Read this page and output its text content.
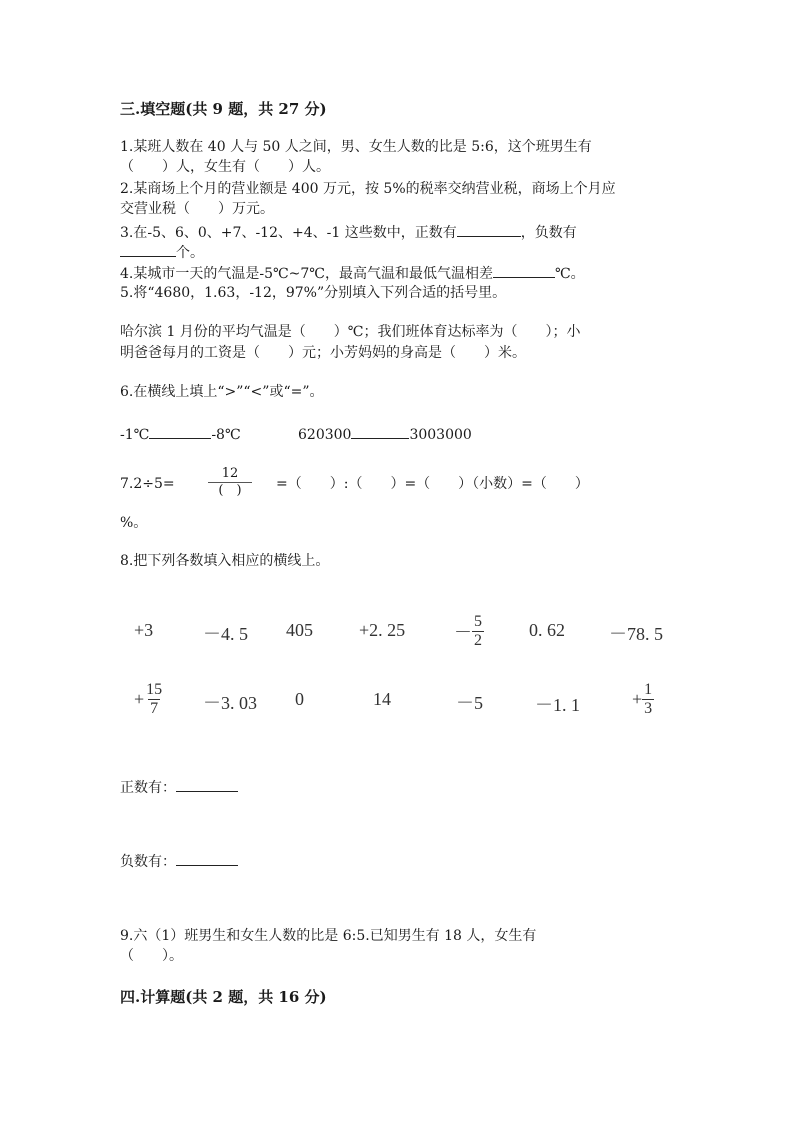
三.填空题(共 9 题，共 27 分)
1.某班人数在 40 人与 50 人之间，男、女生人数的比是 5:6，这个班男生有
（　　）人，女生有（　　）人。
2.某商场上个月的营业额是 400 万元，按 5%的税率交纳营业税，商场上个月应
交营业税（　　）万元。
3.在-5、6、0、+7、-12、+4、-1 这些数中，正数有	，负数有
个。
4.某城市一天的气温是-5℃~7℃，最高气温和最低气温相差	℃。
5.将“4680，1.63，-12，97%”分别填入下列合适的括号里。
哈尔滨 1 月份的平均气温是（　　）℃；我们班体育达标率为（　　）；小
明爸爸每月的工资是（　　）元；小芳妈妈的身高是（　　）米。
6.在横线上填上“>”“<”或“=”。
-1℃	-8℃	620300	3003000
7.2÷5=
12
(　)	=（　　）:（　　）=（　　）（小数）=（　　）
%。
8.把下列各数填入相应的横线上。
+3	－4. 5 405	+2. 25	－ $\frac{5}{2}$	0. 62 －78. 5
+ $\frac{15}{7} -3$. 03 0	14	－5	－1. 1	+ $\frac{1}{3}$
正数有：
负数有：
9.六（1）班男生和女生人数的比是 6:5.已知男生有 18 人，女生有
（　　）。
四.计算题(共 2 题，共 16 分)
